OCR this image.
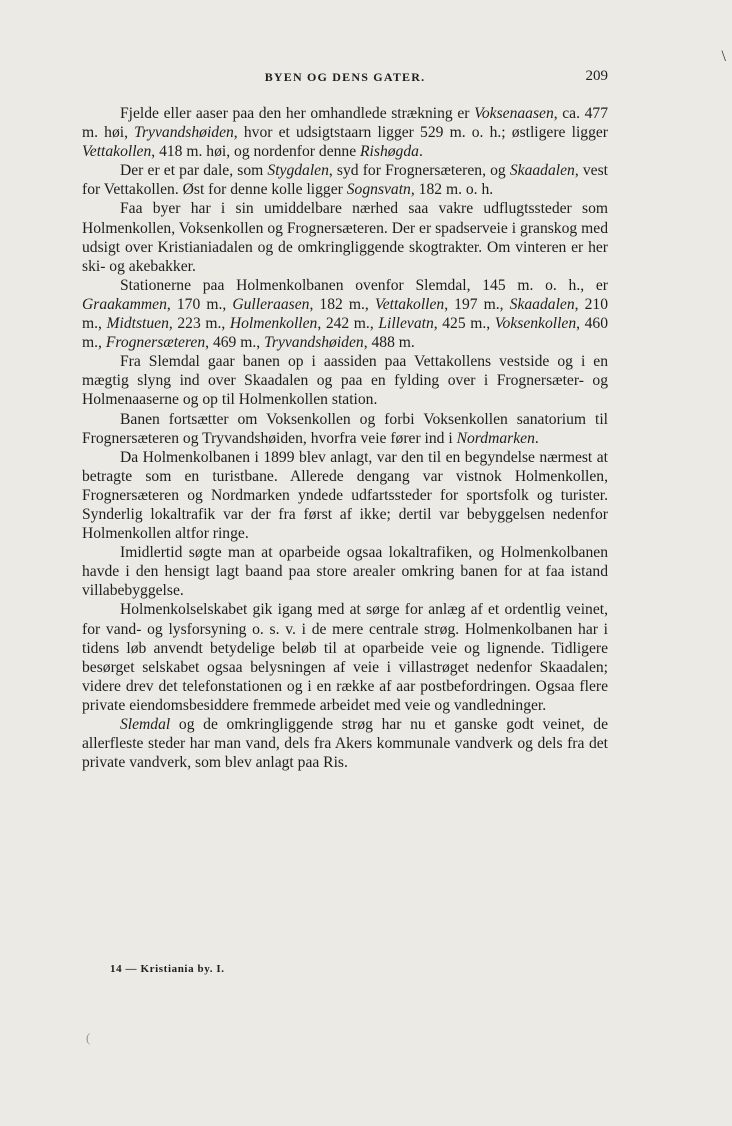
\
BYEN OG DENS GATER.	209

Fjelde eller aaser paa den her omhandlede strækning er Voksenaasen, ca. 477 m. høi, Tryvandshøiden, hvor et udsigtstaarn ligger 529 m. o. h.; østligere ligger Vettakollen, 418 m. høi, og nordenfor denne Rishøgda.

Der er et par dale, som Stygdalen, syd for Frognersæteren, og Skaadalen, vest for Vettakollen. Øst for denne kolle ligger Sognsvatn, 182 m. o. h.

Faa byer har i sin umiddelbare nærhed saa vakre udflugtssteder som Holmenkollen, Voksenkollen og Frognersæteren. Der er spadserveie i granskog med udsigt over Kristianiadalen og de omkringliggende skogtrakter. Om vinteren er her ski- og akebakker.

Stationerne paa Holmenkolbanen ovenfor Slemdal, 145 m. o. h., er Graakammen, 170 m., Gulleraasen, 182 m., Vettakollen, 197 m., Skaadalen, 210 m., Midtstuen, 223 m., Holmenkollen, 242 m., Lillevatn, 425 m., Voksenkollen, 460 m., Frognersæteren, 469 m., Tryvandshøiden, 488 m.

Fra Slemdal gaar banen op i aassiden paa Vettakollens vestside og i en mægtig slyng ind over Skaadalen og paa en fylding over i Frognersæter- og Holmenaaserne og op til Holmenkollen station.

Banen fortsætter om Voksenkollen og forbi Voksenkollen sanatorium til Frognersæteren og Tryvandshøiden, hvorfra veie fører ind i Nordmarken.

Da Holmenkolbanen i 1899 blev anlagt, var den til en begyndelse nærmest at betragte som en turistbane. Allerede dengang var vistnok Holmenkollen, Frognersæteren og Nordmarken yndede udfartssteder for sportsfolk og turister. Synderlig lokaltrafik var der fra først af ikke; dertil var bebyggelsen nedenfor Holmenkollen altfor ringe.

Imidlertid søgte man at oparbeide ogsaa lokaltrafiken, og Holmenkolbanen havde i den hensigt lagt baand paa store arealer omkring banen for at faa istand villabebyggelse.

Holmenkolselskabet gik igang med at sørge for anlæg af et ordentlig veinet, for vand- og lysforsyning o. s. v. i de mere centrale strøg. Holmenkolbanen har i tidens løb anvendt betydelige beløb til at oparbeide veie og lignende. Tidligere besørget selskabet ogsaa belysningen af veie i villastrøget nedenfor Skaadalen; videre drev det telefonstationen og i en række af aar postbefordringen. Ogsaa flere private eiendomsbesiddere fremmede arbeidet med veie og vandledninger.

Slemdal og de omkringliggende strøg har nu et ganske godt veinet, de allerfleste steder har man vand, dels fra Akers kommunale vandverk og dels fra det private vandverk, som blev anlagt paa Ris.

14 — Kristiania by. I.
(
